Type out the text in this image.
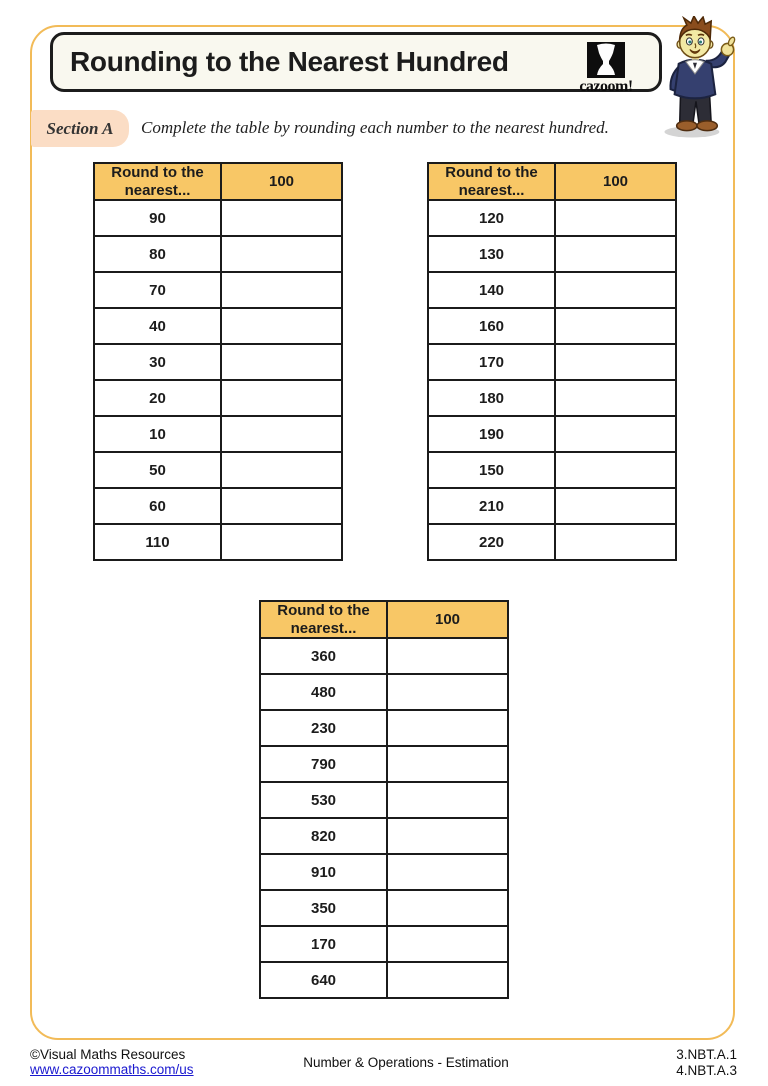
Rounding to the Nearest Hundred
cazoom!
Section A	Complete the table by rounding each number to the nearest hundred.
Round to the nearest...	100
90	
80	
70	
40	
30	
20	
10	
50	
60	
110	
Round to the nearest...	100
120	
130	
140	
160	
170	
180	
190	
150	
210	
220	
Round to the nearest...	100
360	
480	
230	
790	
530	
820	
910	
350	
170	
640	
©Visual Maths Resources
www.cazoommaths.com/us	Number & Operations - Estimation
3.NBT.A.1
4.NBT.A.3
